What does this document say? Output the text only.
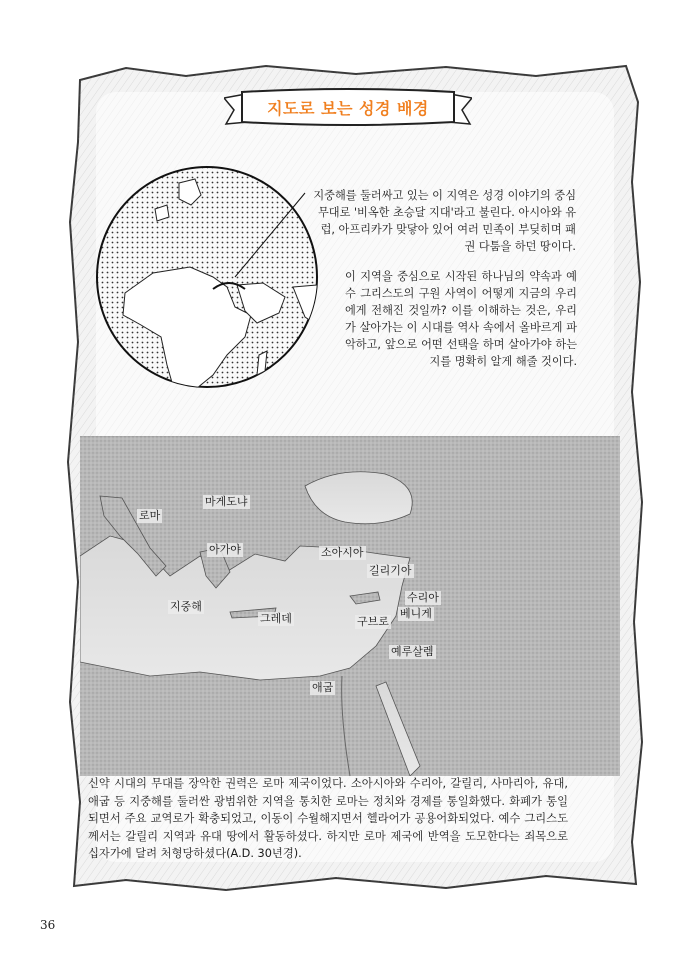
지도로 보는 성경 배경
지중해를 둘러싸고 있는 이 지역은 성경 이야기의 중심무대로 '비옥한 초승달 지대'라고 불린다. 아시아와 유럽, 아프리카가 맞닿아 있어 여러 민족이 부딪히며 패권 다툼을 하던 땅이다.
이 지역을 중심으로 시작된 하나님의 약속과 예수 그리스도의 구원 사역이 어떻게 지금의 우리에게 전해진 것일까? 이를 이해하는 것은, 우리가 살아가는 이 시대를 역사 속에서 올바르게 파악하고, 앞으로 어떤 선택을 하며 살아가야 하는지를 명확히 알게 해줄 것이다.
로마
마게도냐
아가야	소아시아
길리기아
수리아
지중해
그레데	구브로
베니게
예루살렘
애굽
신약 시대의 무대를 장악한 권력은 로마 제국이었다. 소아시아와 수리아, 갈릴리, 사마리아, 유대, 애굽 등 지중해를 둘러싼 광범위한 지역을 통치한 로마는 정치와 경제를 통일화했다. 화폐가 통일되면서 주요 교역로가 확충되었고, 이동이 수월해지면서 헬라어가 공용어화되었다. 예수 그리스도께서는 갈릴리 지역과 유대 땅에서 활동하셨다. 하지만 로마 제국에 반역을 도모한다는 죄목으로 십자가에 달려 처형당하셨다(A.D. 30년경).
36
